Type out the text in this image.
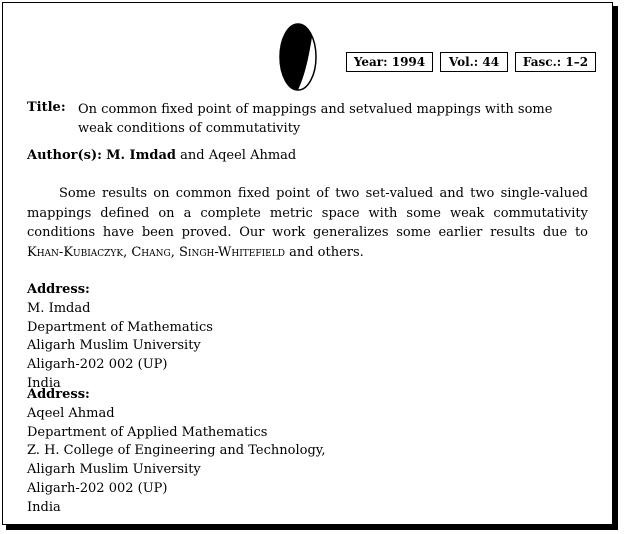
Year: 1994	Vol.: 44	Fasc.: 1–2
Title: On common fixed point of mappings and setvalued mappings with some weak conditions of commutativity
Author(s): M. Imdad and Aqeel Ahmad
Some results on common fixed point of two set-valued and two single-valued mappings defined on a complete metric space with some weak commutativity conditions have been proved. Our work generalizes some earlier results due to Khan-Kubiaczyk, Chang, Singh-Whitefield and others.
Address:
M. Imdad
Department of Mathematics
Aligarh Muslim University
Aligarh-202 002 (UP)
India
Address:
Aqeel Ahmad
Department of Applied Mathematics
Z. H. College of Engineering and Technology,
Aligarh Muslim University
Aligarh-202 002 (UP)
India
